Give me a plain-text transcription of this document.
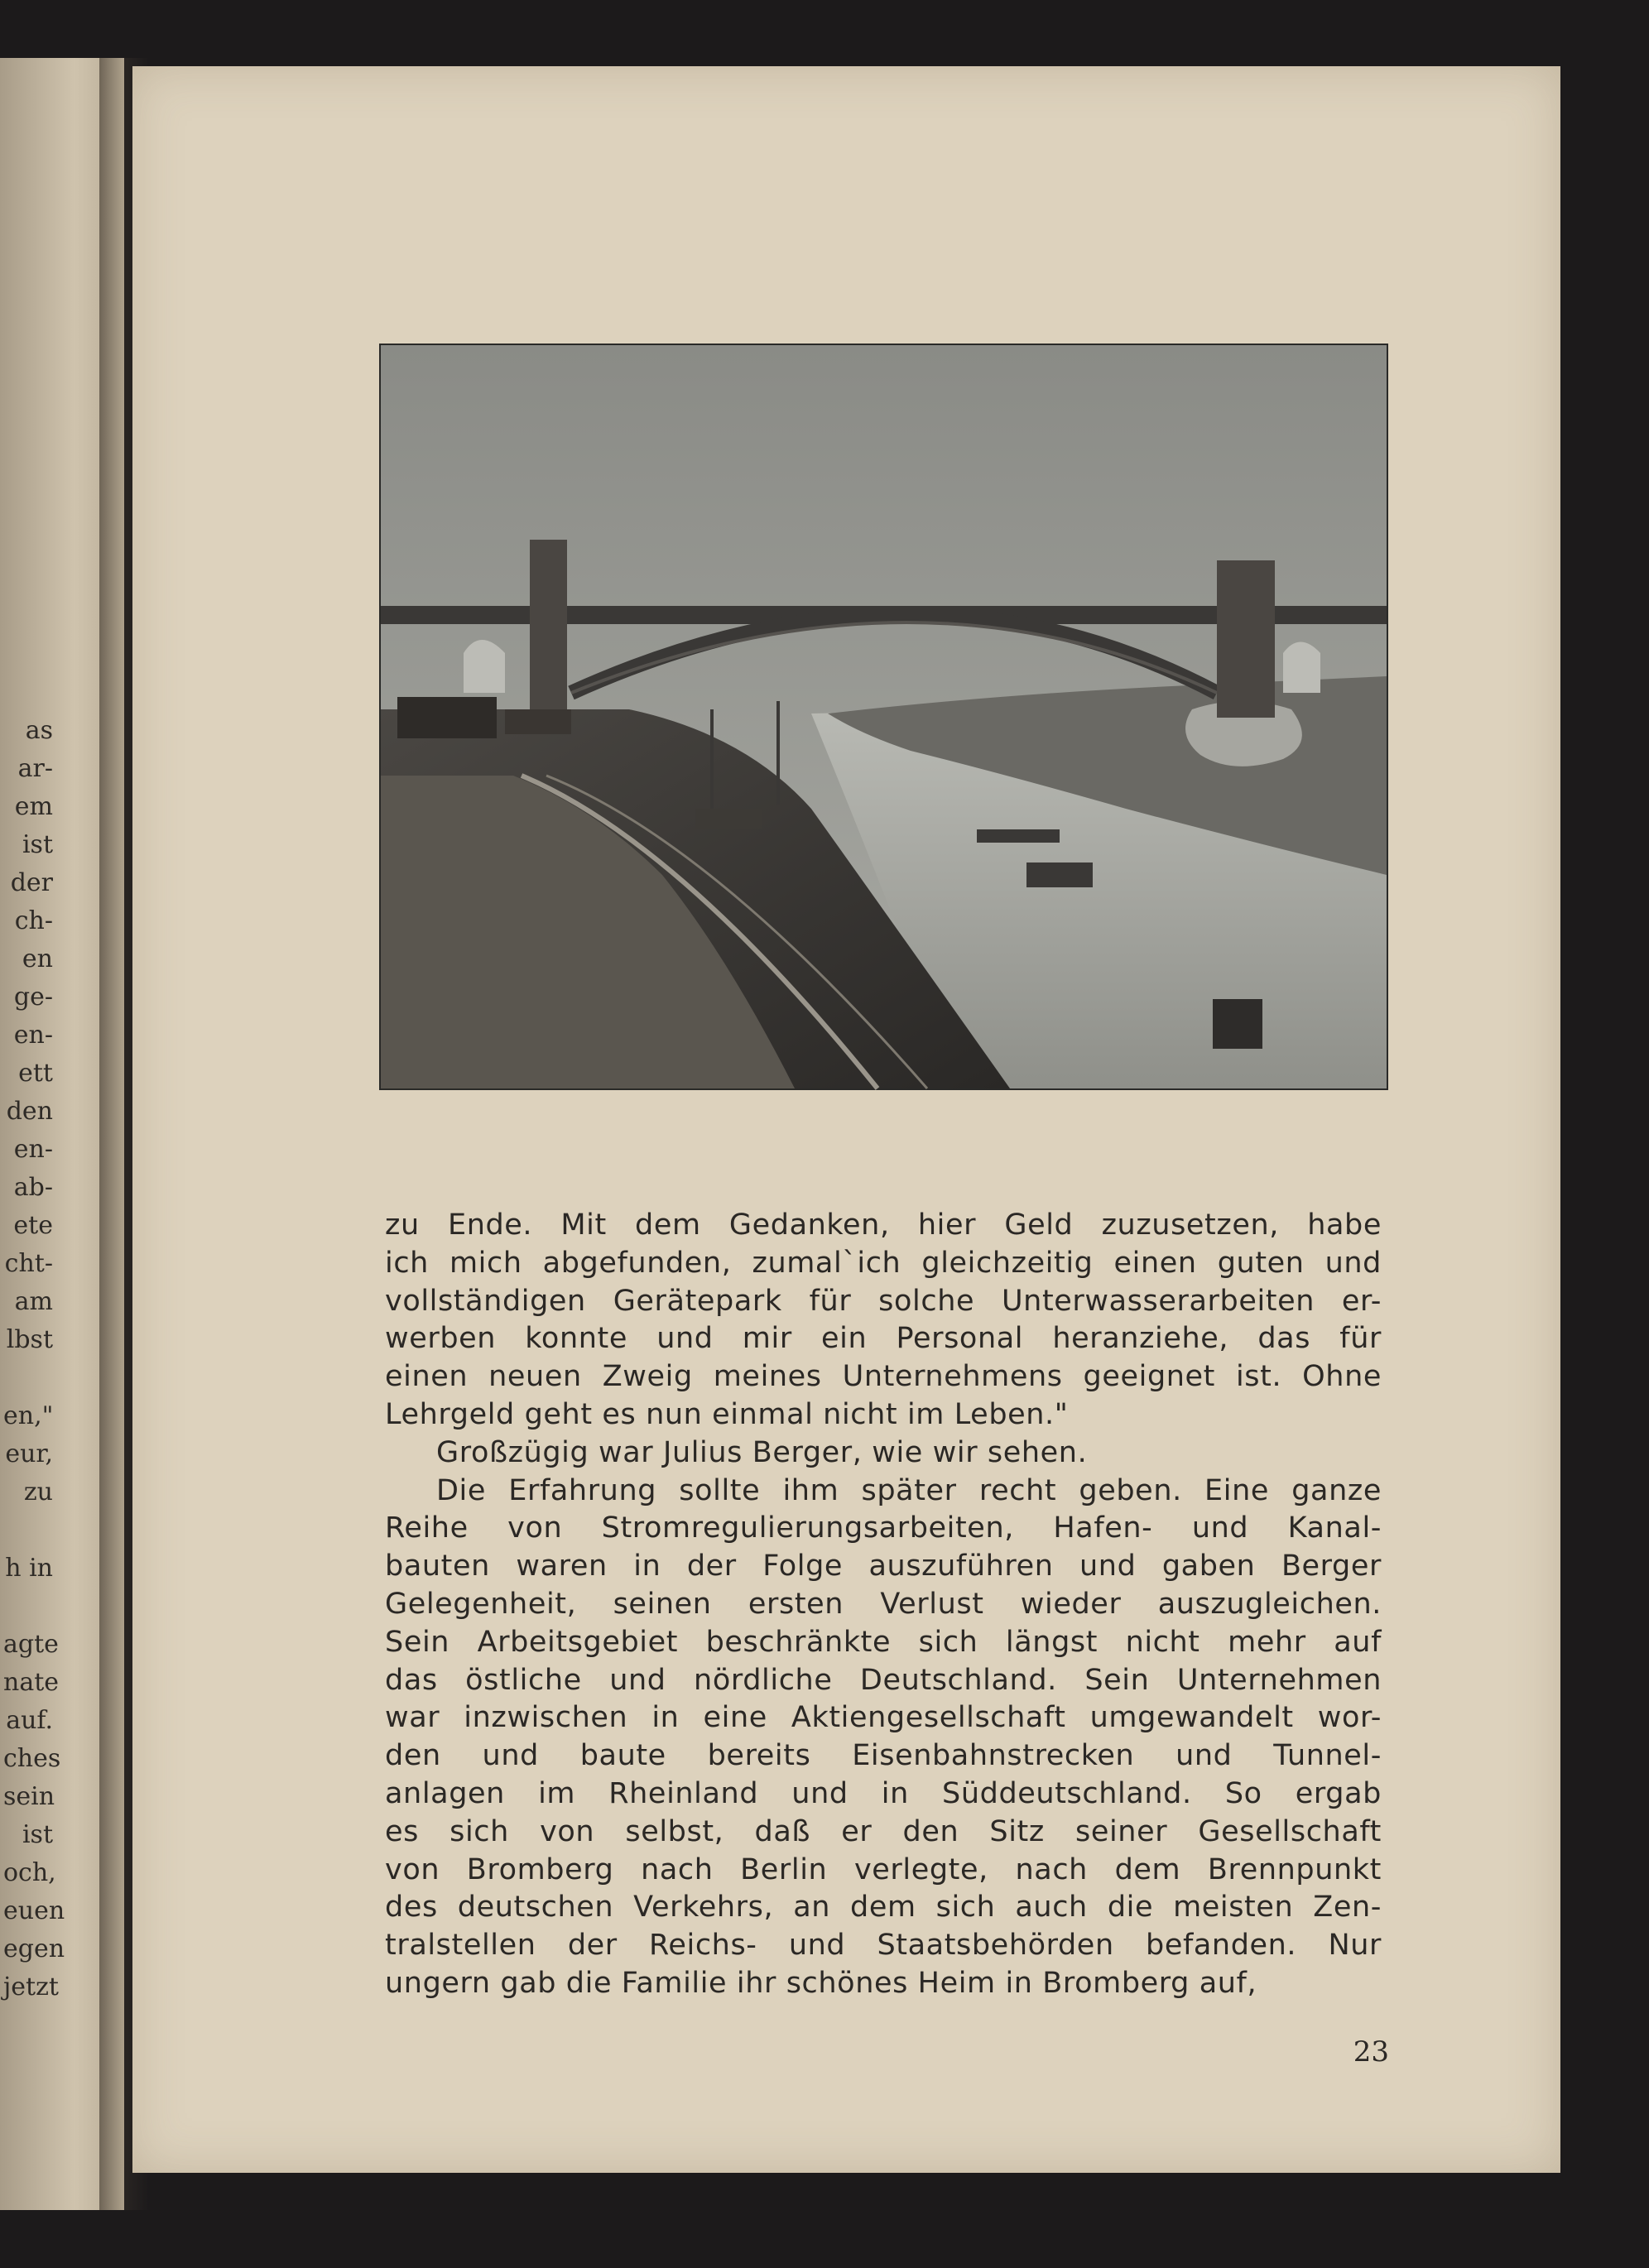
as
ar-
em
ist
der
ch-
en
ge-
en-
ett
den
en-
ab-
ete
cht-
am
lbst
en,"
eur,
zu
h in
agte
nate
auf.
ches
sein
ist
och,
euen
egen
jetzt
zu Ende. Mit dem Gedanken, hier Geld zuzusetzen, habe
ich mich abgefunden, zumal`ich gleichzeitig einen guten und
vollständigen Gerätepark für solche Unterwasserarbeiten er-
werben konnte und mir ein Personal heranziehe, das für
einen neuen Zweig meines Unternehmens geeignet ist. Ohne
Lehrgeld geht es nun einmal nicht im Leben."
Großzügig war Julius Berger, wie wir sehen.
Die Erfahrung sollte ihm später recht geben. Eine ganze
Reihe von Stromregulierungsarbeiten, Hafen- und Kanal-
bauten waren in der Folge auszuführen und gaben Berger
Gelegenheit, seinen ersten Verlust wieder auszugleichen.
Sein Arbeitsgebiet beschränkte sich längst nicht mehr auf
das östliche und nördliche Deutschland. Sein Unternehmen
war inzwischen in eine Aktiengesellschaft umgewandelt wor-
den und baute bereits Eisenbahnstrecken und Tunnel-
anlagen im Rheinland und in Süddeutschland. So ergab
es sich von selbst, daß er den Sitz seiner Gesellschaft
von Bromberg nach Berlin verlegte, nach dem Brennpunkt
des deutschen Verkehrs, an dem sich auch die meisten Zen-
tralstellen der Reichs- und Staatsbehörden befanden. Nur
ungern gab die Familie ihr schönes Heim in Bromberg auf,
23
